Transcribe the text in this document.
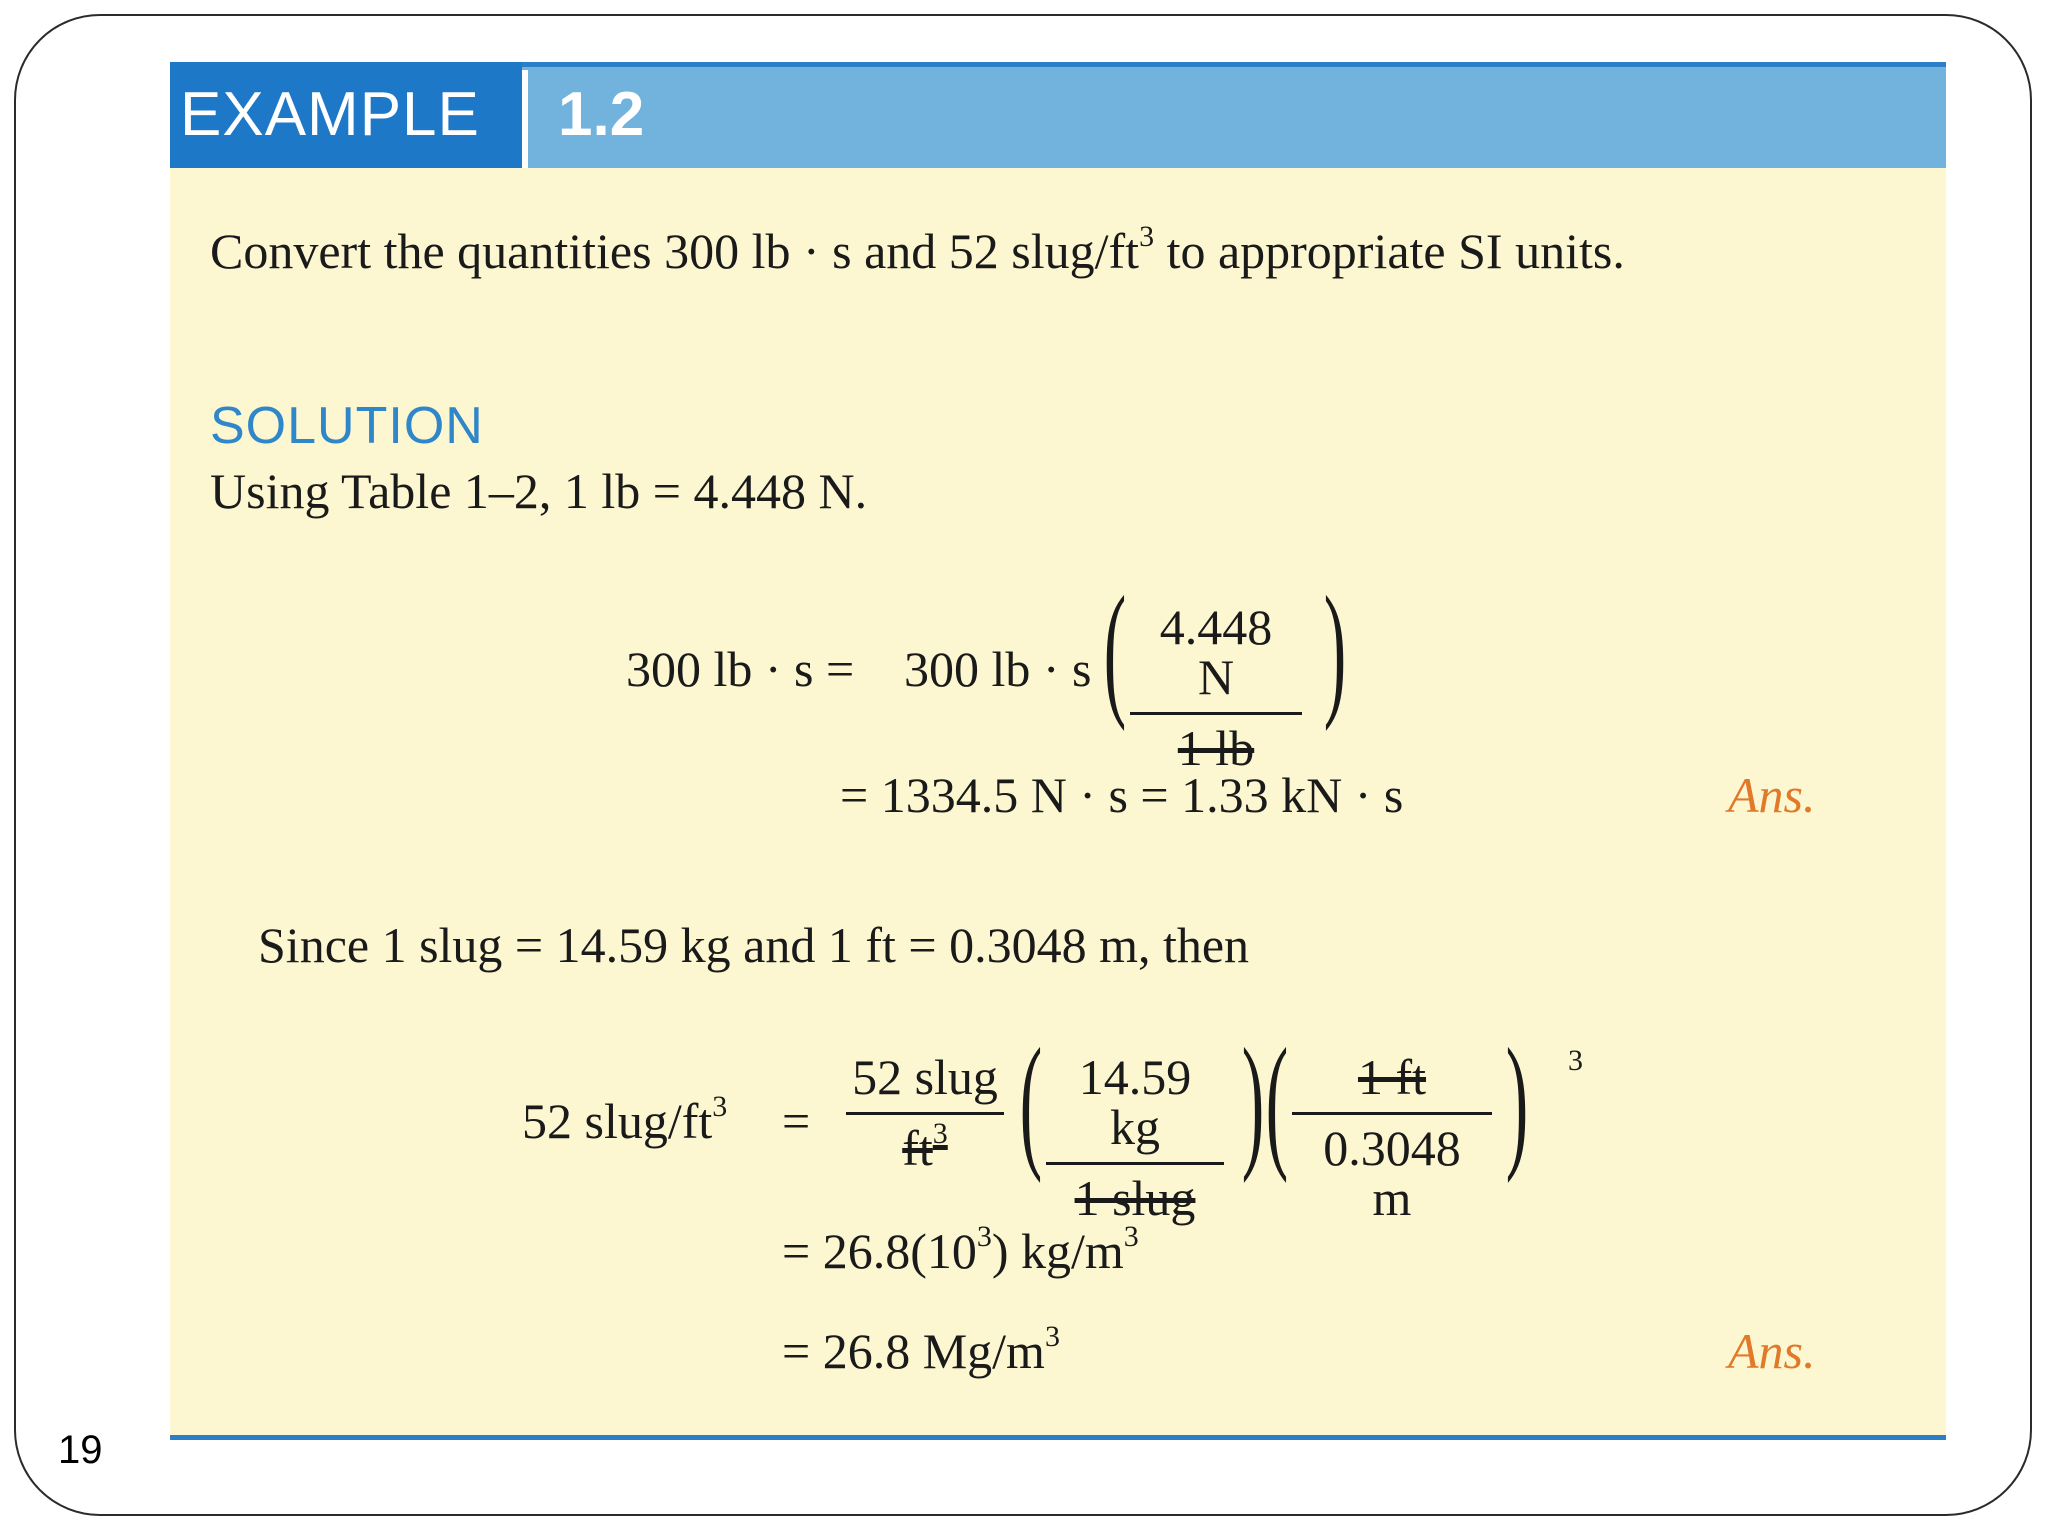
EXAMPLE	1.2
Convert the quantities 300 lb · s and 52 slug/$ft^3$ to appropriate SI units.
SOLUTION
Using Table 1–2, 1 lb = 4.448 N.
300 lb · s = 300 lb · s ( 4.448 N
1 lb
)
= 1334.5 N · s = 1.33 kN · s	Ans.
Since 1 slug = 14.59 kg and 1 ft = 0.3048 m, then
52 slug/$ft^3$ =
52 slug
$ft^3$ ( 14.59 kg
1 slug
) (	1 ft
0.3048 m
) 3
= $26.8(10^3)$ $kg/m^3$
= 26.8 $Mg/m^3$	Ans.
19
